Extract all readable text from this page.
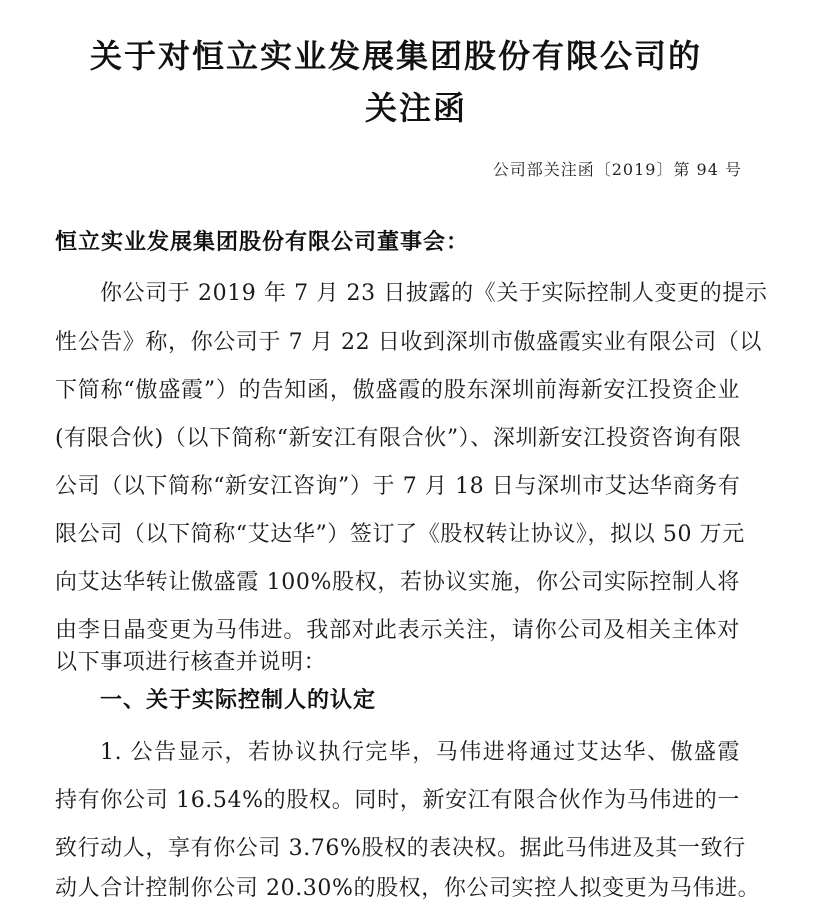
关于对恒立实业发展集团股份有限公司的
关注函
公司部关注函〔2019〕第 94 号
恒立实业发展集团股份有限公司董事会：
你公司于 2019 年 7 月 23 日披露的《关于实际控制人变更的提示
性公告》称，你公司于 7 月 22 日收到深圳市傲盛霞实业有限公司（以
下简称“傲盛霞”）的告知函，傲盛霞的股东深圳前海新安江投资企业
(有限合伙)（以下简称“新安江有限合伙”）、深圳新安江投资咨询有限
公司（以下简称“新安江咨询”）于 7 月 18 日与深圳市艾达华商务有
限公司（以下简称“艾达华”）签订了《股权转让协议》，拟以 50 万元
向艾达华转让傲盛霞 100%股权，若协议实施，你公司实际控制人将
由李日晶变更为马伟进。我部对此表示关注，请你公司及相关主体对
以下事项进行核查并说明：
一、关于实际控制人的认定
1. 公告显示，若协议执行完毕，马伟进将通过艾达华、傲盛霞
持有你公司 16.54%的股权。同时，新安江有限合伙作为马伟进的一
致行动人，享有你公司 3.76%股权的表决权。据此马伟进及其一致行
动人合计控制你公司 20.30%的股权，你公司实控人拟变更为马伟进。
